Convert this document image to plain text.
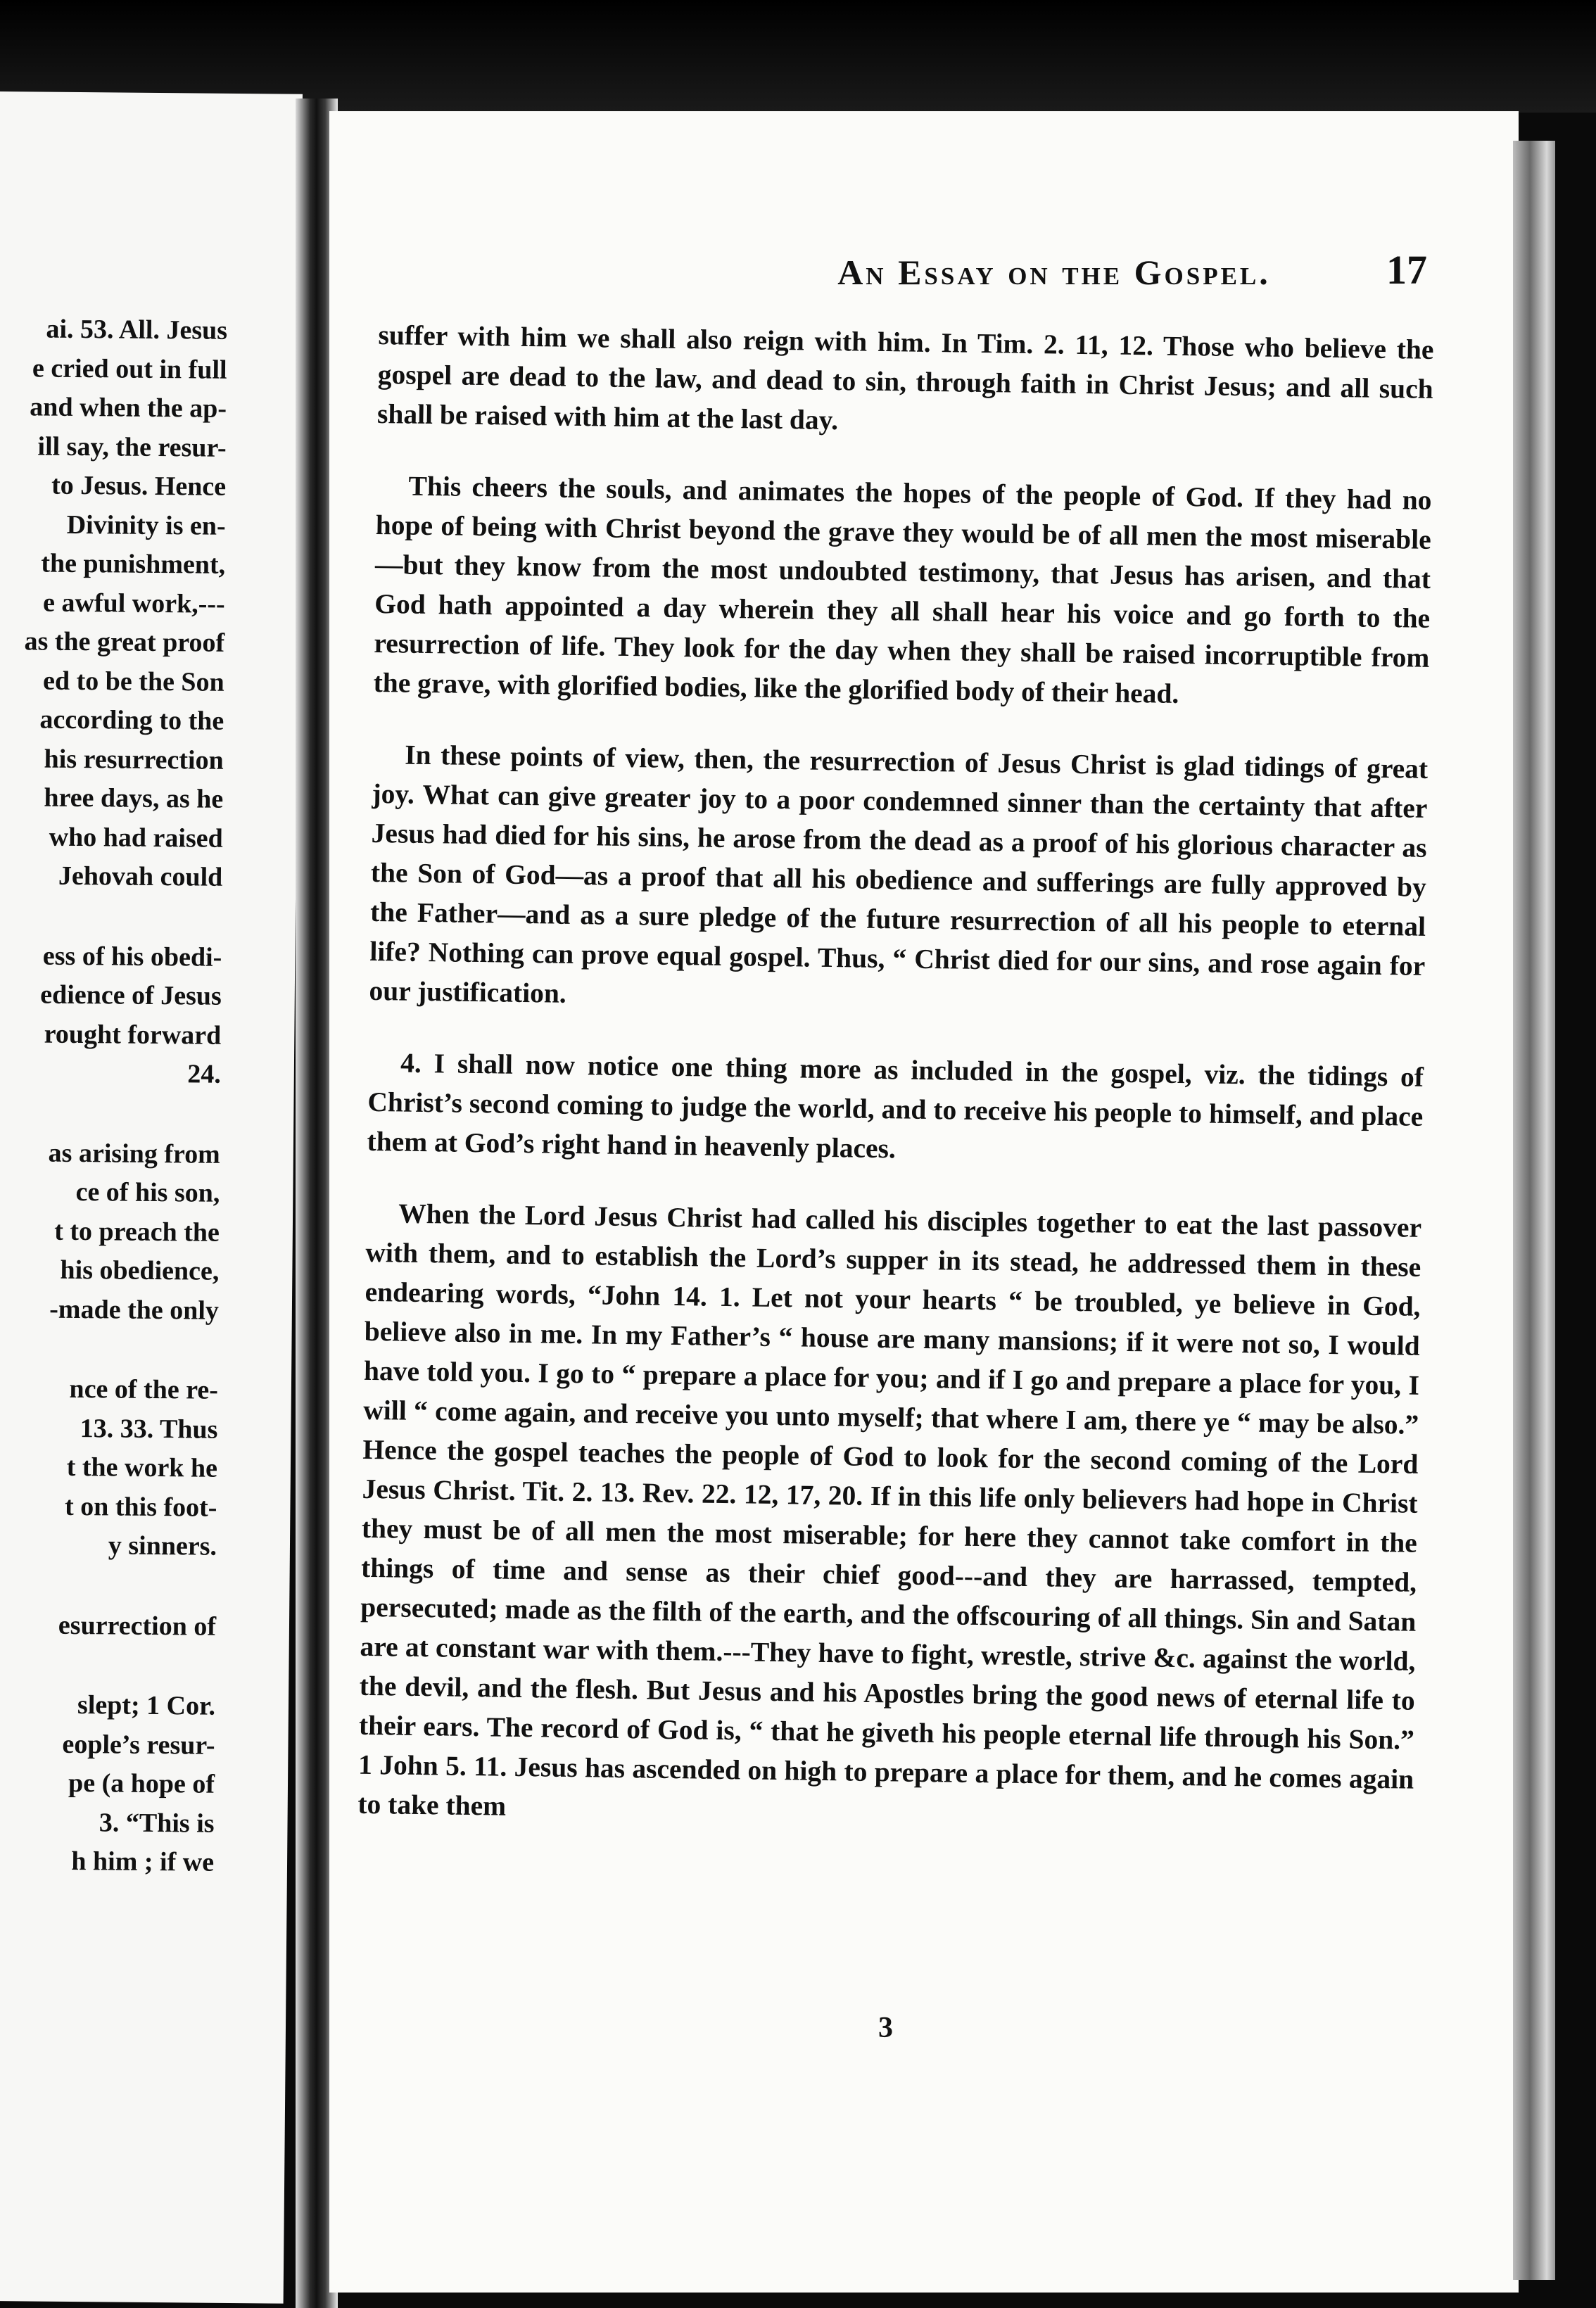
ai. 53. All. Jesus
e cried out in full
and when the ap-
ill say, the resur-
to Jesus. Hence
Divinity is en-
the punishment,
e awful work,---
as the great proof
ed to be the Son
according to the
his resurrection
hree days, as he
who had raised
Jehovah could
ess of his obedi-
edience of Jesus
rought forward
24.
as arising from
ce of his son,
t to preach the
his obedience,
-made the only
nce of the re-
13. 33. Thus
t the work he
t on this foot-
y sinners.
esurrection of
slept; 1 Cor.
eople’s resur-
pe (a hope of
3. “This is
h him ; if we
An Essay on the Gospel.	17

suffer with him we shall also reign with him. In Tim. 2. 11, 12. Those who believe the gospel are dead to the law, and dead to sin, through faith in Christ Jesus; and all such shall be raised with him at the last day.

This cheers the souls, and animates the hopes of the people of God. If they had no hope of being with Christ beyond the grave they would be of all men the most miserable—but they know from the most undoubted testimony, that Jesus has arisen, and that God hath appointed a day wherein they all shall hear his voice and go forth to the resurrection of life. They look for the day when they shall be raised incorruptible from the grave, with glorified bodies, like the glorified body of their head.

In these points of view, then, the resurrection of Jesus Christ is glad tidings of great joy. What can give greater joy to a poor condemned sinner than the certainty that after Jesus had died for his sins, he arose from the dead as a proof of his glorious character as the Son of God—as a proof that all his obedience and sufferings are fully approved by the Father—and as a sure pledge of the future resurrection of all his people to eternal life? Nothing can prove equal gospel. Thus, “ Christ died for our sins, and rose again for our justification.

4. I shall now notice one thing more as included in the gospel, viz. the tidings of Christ’s second coming to judge the world, and to receive his people to himself, and place them at God’s right hand in heavenly places.

When the Lord Jesus Christ had called his disciples together to eat the last passover with them, and to establish the Lord’s supper in its stead, he addressed them in these endearing words, “John 14. 1. Let not your hearts “ be troubled, ye believe in God, believe also in me. In my Father’s “ house are many mansions; if it were not so, I would have told you. I go to “ prepare a place for you; and if I go and prepare a place for you, I will “ come again, and receive you unto myself; that where I am, there ye “ may be also.” Hence the gospel teaches the people of God to look for the second coming of the Lord Jesus Christ. Tit. 2. 13. Rev. 22. 12, 17, 20. If in this life only believers had hope in Christ they must be of all men the most miserable; for here they cannot take comfort in the things of time and sense as their chief good---and they are harrassed, tempted, persecuted; made as the filth of the earth, and the offscouring of all things. Sin and Satan are at constant war with them.---They have to fight, wrestle, strive &c. against the world, the devil, and the flesh. But Jesus and his Apostles bring the good news of eternal life to their ears. The record of God is, “ that he giveth his people eternal life through his Son.” 1 John 5. 11. Jesus has ascended on high to prepare a place for them, and he comes again to take them

3
